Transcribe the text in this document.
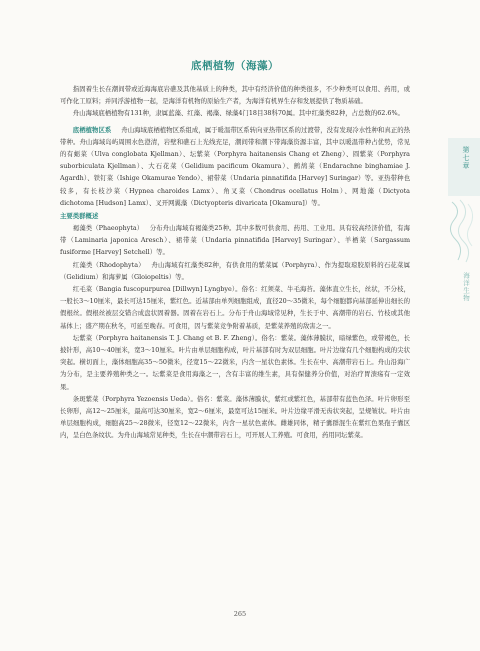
底栖植物（海藻）

指固着生长在潮间带或近海海底岩礁及其他基质上的种类，其中有经济价值的种类很多，不少种类可以食用、药用，或可作化工原料；并同浮游植物一起，是海洋有机物的原始生产者，为海洋有机界生存和发展提供了物质基础。

舟山海域底栖植物有131种，隶属蓝藻、红藻、褐藻、绿藻4门18目38科70属。其中红藻类82种，占总数的62.6%。

底栖植物区系 舟山海域底栖植物区系组成，属于暖温带区系转向亚热带区系的过渡带，没有发现冷水性种和真正的热带种。舟山海域岛屿周围水色澄清，岩壁和礁石上光线充足，潮间带和潮下带海藻资源丰富，其中以暖温带种占优势，常见的有蛎菜（Ulva conglobata Kjellman）、坛紫菜（Porphyra haitanensis Chang et Zheng）、圆紫菜（Porphyra suborbiculata Kjellman）、大石花菜（Gelidium pacificum Okamura）、鹧鸪菜（Endarachne binghamiae J. Agardh）、铁钉菜（Ishige Okamurae Yendo）、裙带菜（Undaria pinnatifida [Harvey] Suringar）等。亚热带种也较多，有长枝沙菜（Hypnea charoides Lamx）、角叉菜（Chondrus ocellatus Holm）、网地藻（Dictyota dichotoma [Hudson] Lamx）、叉开网翼藻（Dictyopteris divaricata [Okamura]）等。

主要类群概述

褐藻类（Phaeophyta）  分布舟山海域有褐藻类25种。其中多数可供食用、药用、工业用。具有较高经济价值，有海带（Laminaria japonica Aresch）、裙带菜（Undaria pinnatifida [Harvey] Suringar）、羊栖菜（Sargassum fusiforme [Harvey] Setchell）等。

红藻类（Rhodophyta）  舟山海域有红藻类82种，有供食用的紫菜属（Porphyra）、作为提取琼胶原料的石花菜属（Gelidium）和海萝属（Gloiopeltis）等。

红毛菜（Bangia fuscopurpurea [Dillwyn] Lyngbye）。俗名：红须菜、牛毛海苔。藻体直立生长，丝状，不分枝，一般长3～10厘米，最长可达15厘米，紫红色。近基部由单列细胞组成，直径20～35微米，每个细胞都向基部延伸出细长的假根丝。假根丝被层交错合成盘状固着器。固着在岩石上。分布于舟山海域常见种，生长于中、高潮带的岩石、竹枝或其他基体上；盛产期在秋冬，可延至晚春。可食用，因与紫菜竞争附着基质，是紫菜养殖的敌害之一。

坛紫菜（Porphyra haitanensis T. J. Chang et B. F. Zheng）。俗名：紫菜。藻体薄膜状，暗绿紫色，或带褐色，长披针形，高10～40厘米，宽3～10厘米。叶片由单层细胞构成，叶片基部有时为双层细胞。叶片边缘有几个细胞构成的尖状突起。横切面上，藻体细胞高35～50微米，径宽15～22微米，内含一星状色素体。生长在中、高潮带岩石上。舟山沿海广为分布，是主要养殖种类之一。坛紫菜是食用海藻之一，含有丰富的维生素，具有保健养分价值，对治疗胃溃疡有一定效果。

条斑紫菜（Porphyra Yezoensis Ueda）。俗名：紫菜。藻体薄膜状，紫红或紫红色，基部带有蓝色色泽。叶片卵形至长卵形，高12～25厘米，最高可达30厘米，宽2～6厘米，最宽可达15厘米。叶片边缘平滑无齿状突起，呈规皱状。叶片由单层细胞构成，细胞高25～28微米，径宽12～22微米，内含一星状色素体。雌雄同体，精子囊群混生在紫红色果孢子囊区内，呈白色条纹状。为舟山海域常见种类，生长在中潮带岩石上，可开展人工养殖。可食用，药用同坛紫菜。

第七章
海洋生物
265
